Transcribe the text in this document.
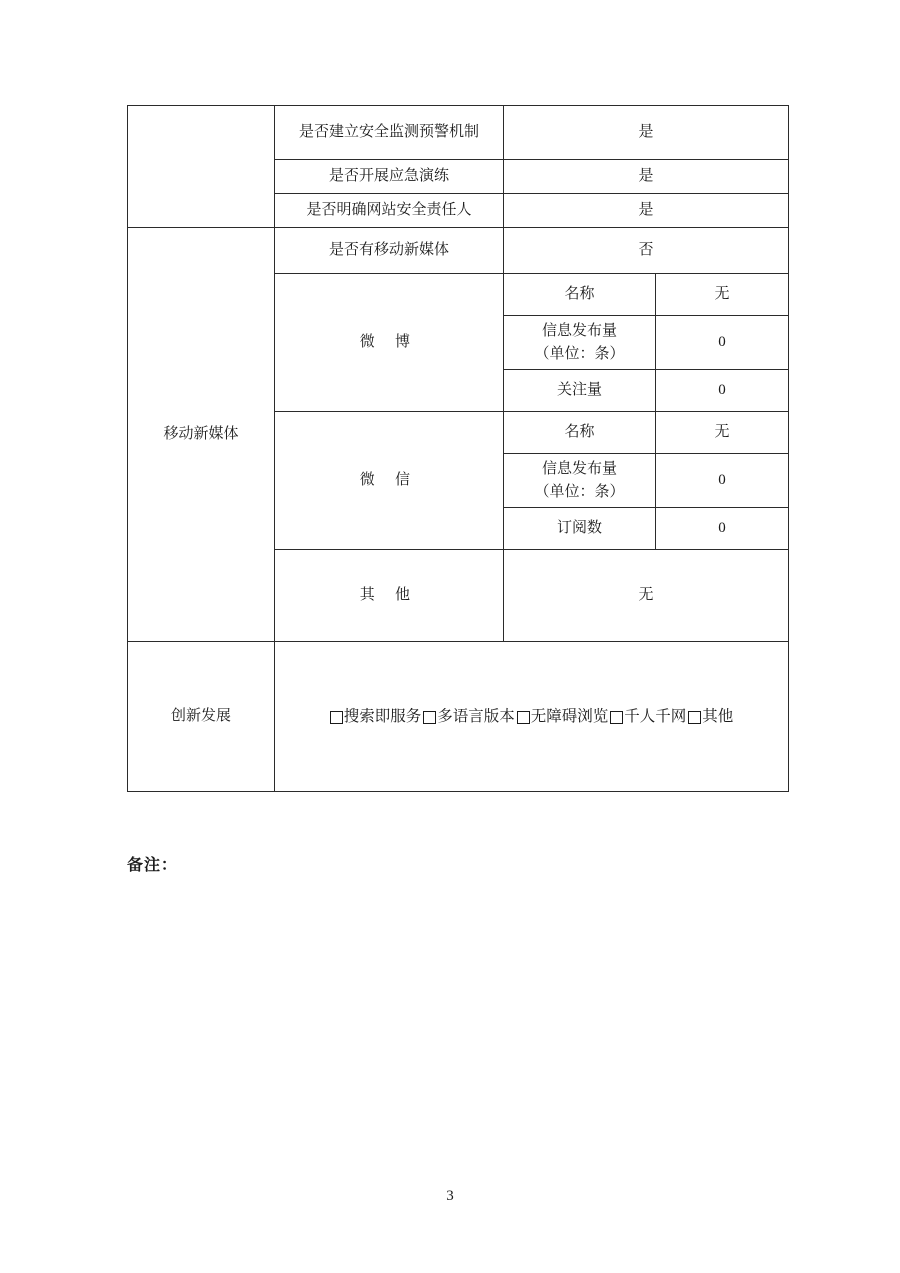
	是否建立安全监测预警机制	是	
	是否开展应急演练	是	
	是否明确网站安全责任人	是	
移动新媒体	是否有移动新媒体	否	
	微 博	名称	无

		信息发布量
（单位：条）	0
		关注量	0
	微 信	名称	无

		信息发布量
（单位：条）	0
		订阅数	0
	其 他	无	
创新发展	搜索即服务 多语言版本 无障碍浏览 千人千网 其他		
备注：
3
